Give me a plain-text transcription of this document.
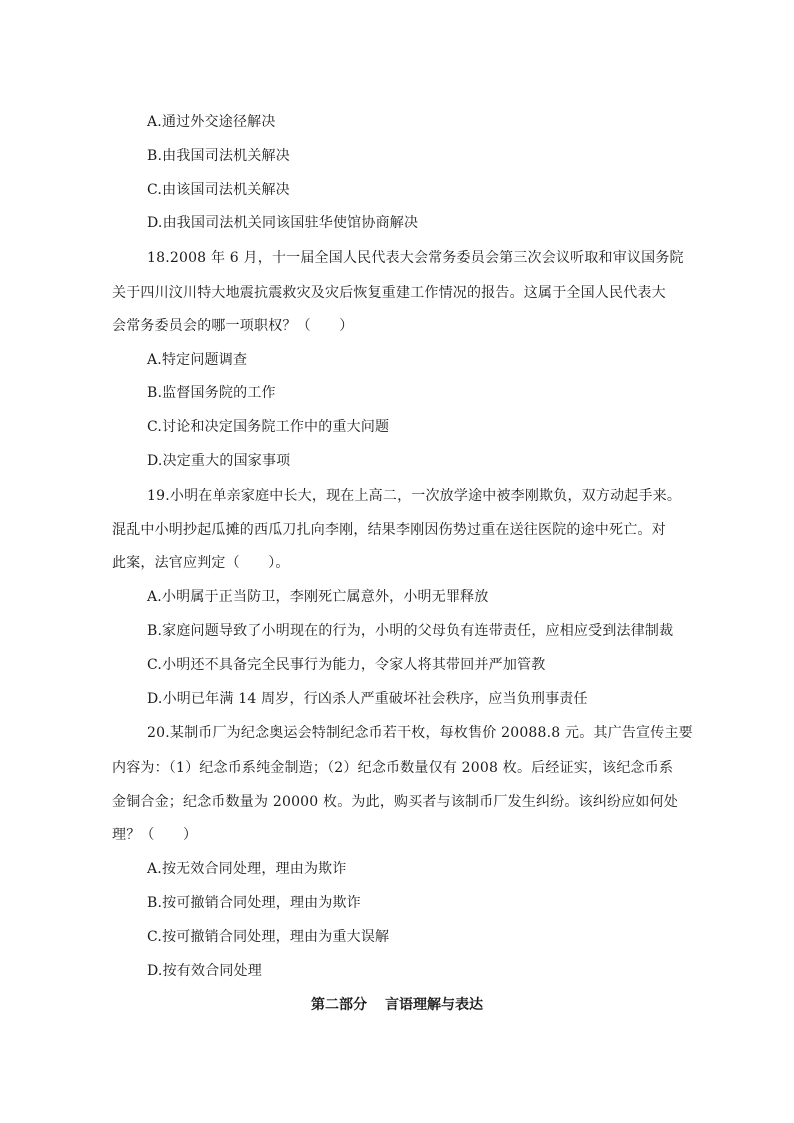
A.通过外交途径解决
B.由我国司法机关解决
C.由该国司法机关解决
D.由我国司法机关同该国驻华使馆协商解决
18.2008 年 6 月，十一届全国人民代表大会常务委员会第三次会议听取和审议国务院
关于四川汶川特大地震抗震救灾及灾后恢复重建工作情况的报告。这属于全国人民代表大
会常务委员会的哪一项职权？（　　）
A.特定问题调查
B.监督国务院的工作
C.讨论和决定国务院工作中的重大问题
D.决定重大的国家事项
19.小明在单亲家庭中长大，现在上高二，一次放学途中被李刚欺负，双方动起手来。
混乱中小明抄起瓜摊的西瓜刀扎向李刚，结果李刚因伤势过重在送往医院的途中死亡。对
此案，法官应判定（　　）。
A.小明属于正当防卫，李刚死亡属意外，小明无罪释放
B.家庭问题导致了小明现在的行为，小明的父母负有连带责任，应相应受到法律制裁
C.小明还不具备完全民事行为能力，令家人将其带回并严加管教
D.小明已年满 14 周岁，行凶杀人严重破坏社会秩序，应当负刑事责任
20.某制币厂为纪念奥运会特制纪念币若干枚，每枚售价 20088.8 元。其广告宣传主要
内容为：（1）纪念币系纯金制造；（2）纪念币数量仅有 2008 枚。后经证实，该纪念币系
金铜合金；纪念币数量为 20000 枚。为此，购买者与该制币厂发生纠纷。该纠纷应如何处
理？（　　）
A.按无效合同处理，理由为欺诈
B.按可撤销合同处理，理由为欺诈
C.按可撤销合同处理，理由为重大误解
D.按有效合同处理
第二部分 言语理解与表达
